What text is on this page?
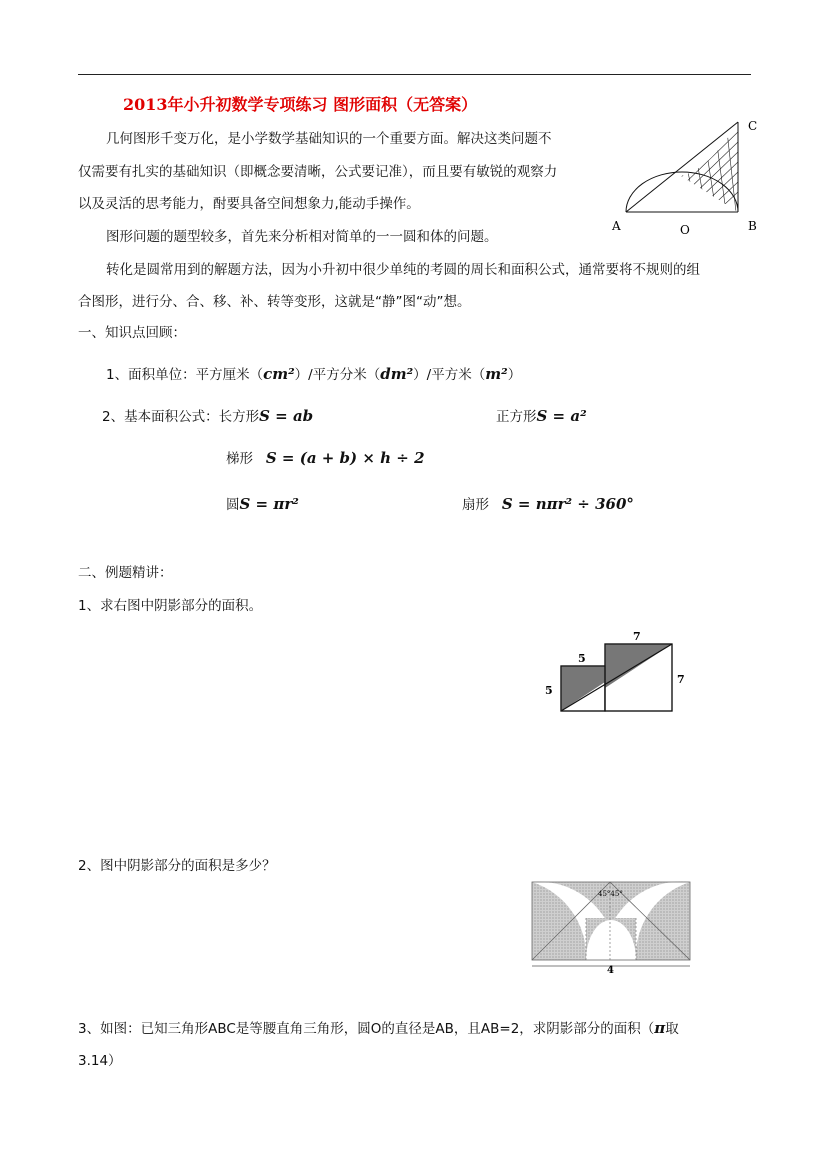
2013年小升初数学专项练习 图形面积（无答案）
几何图形千变万化，是小学数学基础知识的一个重要方面。解决这类问题不
仅需要有扎实的基础知识（即概念要清晰，公式要记准），而且要有敏锐的观察力
以及灵活的思考能力，酎要具备空间想象力,能动手操作。
图形问题的题型较多，首先来分析相对简单的一一圆和体的问题。
转化是圆常用到的解题方法，因为小升初中很少单纯的考圆的周长和面积公式，通常要将不规则的组
合图形，进行分、合、移、补、转等变形，这就是“静”图“动”想。
A	O	B
C
一、知识点回顾：
1、面积单位：平方厘米（cm²）/平方分米（dm²）/平方米（m²）
2、基本面积公式：长方形S = ab	正方形S = a²
梯形 S = (a + b) × h ÷ 2
圆S = πr²	扇形 S = nπr² ÷ 360°
二、例题精讲：
1、求右图中阴影部分的面积。
5
5
7
7
2、图中阴影部分的面积是多少？
45°45°
4
3、如图：已知三角形ABC是等腰直角三角形，圆O的直径是AB，且AB=2，求阴影部分的面积（π取
3.14）
